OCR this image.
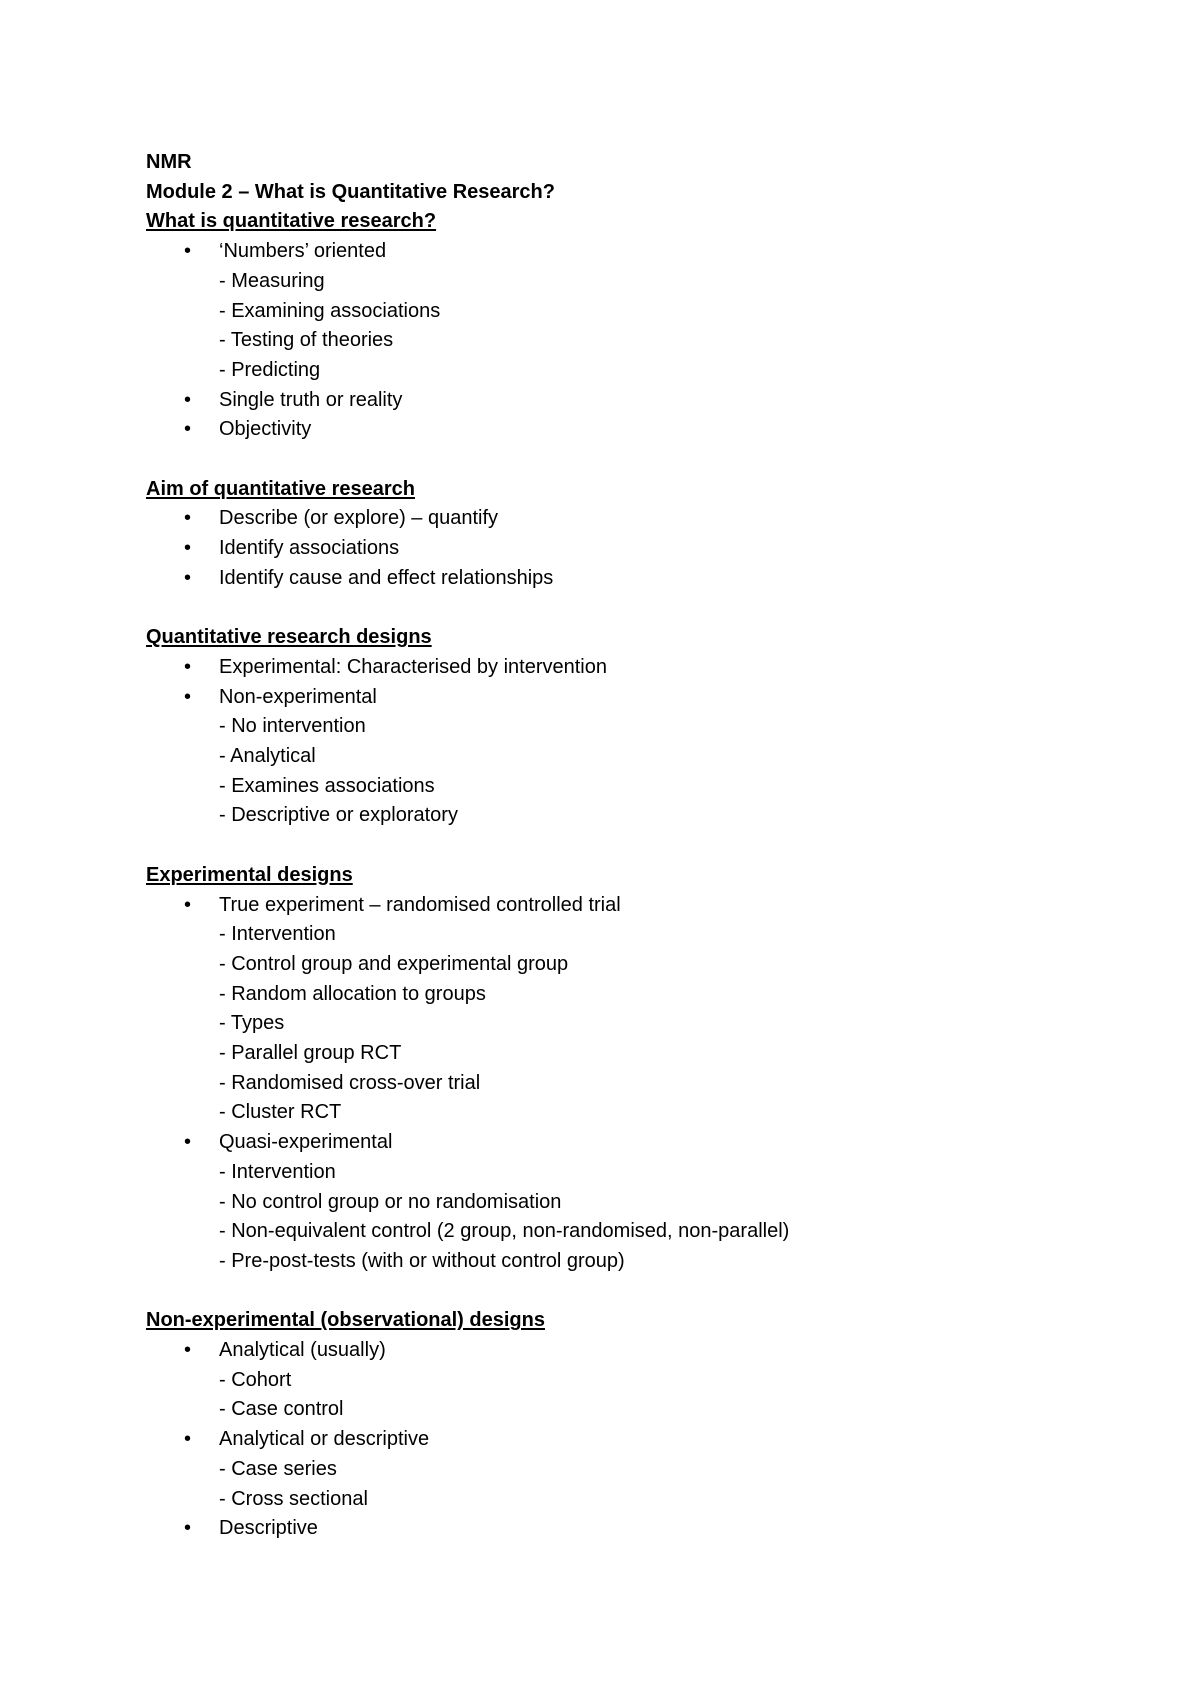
NMR
Module 2 – What is Quantitative Research?
What is quantitative research?
• ‘Numbers’ oriented
- Measuring
- Examining associations
- Testing of theories
- Predicting
• Single truth or reality
• Objectivity
Aim of quantitative research
• Describe (or explore) – quantify
• Identify associations
• Identify cause and effect relationships
Quantitative research designs
• Experimental: Characterised by intervention
• Non-experimental
- No intervention
- Analytical
- Examines associations
- Descriptive or exploratory
Experimental designs
• True experiment – randomised controlled trial
- Intervention
- Control group and experimental group
- Random allocation to groups
- Types
- Parallel group RCT
- Randomised cross-over trial
- Cluster RCT
• Quasi-experimental
- Intervention
- No control group or no randomisation
- Non-equivalent control (2 group, non-randomised, non-parallel)
- Pre-post-tests (with or without control group)
Non-experimental (observational) designs
• Analytical (usually)
- Cohort
- Case control
• Analytical or descriptive
- Case series
- Cross sectional
• Descriptive
